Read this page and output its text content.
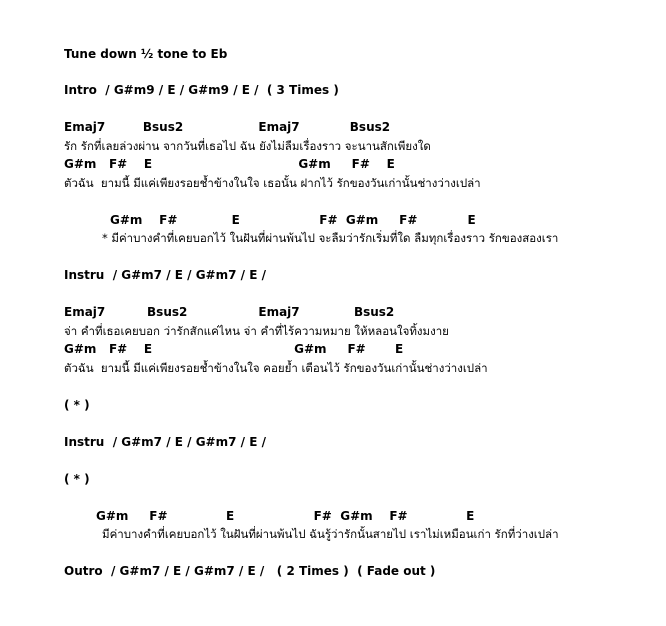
Tune down ½ tone to Eb
Intro  / G#m9 / E / G#m9 / E /  ( 3 Times )
Emaj7         Bsus2                  Emaj7            Bsus2
รัก รักที่เลยล่วงผ่าน จากวันที่เธอไป ฉัน ยังไม่ลืมเรื่องราว จะนานสักเพียงใด
G#m   F#    E                                   G#m     F#    E
ตัวฉัน  ยามนี้ มีแค่เพียงรอยช้ำข้างในใจ เธอนั้น ฝากไว้ รักของวันเก่านั้นช่างว่างเปล่า
G#m    F#             E                   F#  G#m     F#            E
* มีค่าบางคำที่เคยบอกไว้ ในฝันที่ผ่านพ้นไป จะลืมว่ารักเริ่มที่ใด ลืมทุกเรื่องราว รักของสองเรา
Instru  / G#m7 / E / G#m7 / E /
Emaj7          Bsus2                 Emaj7             Bsus2
จ่า คำที่เธอเคยบอก ว่ารักสักแค่ไหน จ่า คำที่ไร้ความหมาย ให้หลอนใจทิ้งมงาย
G#m   F#    E                                  G#m     F#       E
ตัวฉัน  ยามนี้ มีแค่เพียงรอยช้ำข้างในใจ คอยย้ำ เตือนไว้ รักของวันเก่านั้นช่างว่างเปล่า
( * )
Instru  / G#m7 / E / G#m7 / E /
( * )
G#m     F#              E                   F#  G#m    F#              E
มีค่าบางคำที่เคยบอกไว้ ในฝันที่ผ่านพ้นไป ฉันรู้ว่ารักนั้นสายไป เราไม่เหมือนเก่า รักที่ว่างเปล่า
Outro  / G#m7 / E / G#m7 / E /   ( 2 Times )  ( Fade out )
